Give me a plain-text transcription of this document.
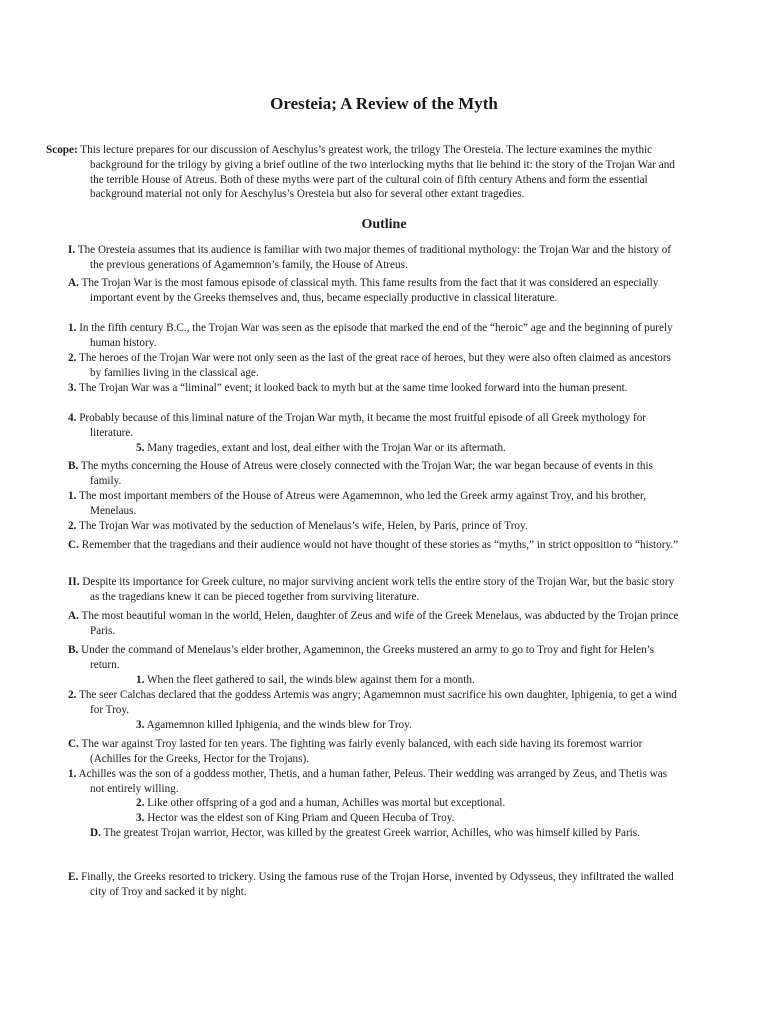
Oresteia; A Review of the Myth
Scope: This lecture prepares for our discussion of Aeschylus’s greatest work, the trilogy The Oresteia. The lecture examines the mythic background for the trilogy by giving a brief outline of the two interlocking myths that lie behind it: the story of the Trojan War and the terrible House of Atreus. Both of these myths were part of the cultural coin of fifth century Athens and form the essential background material not only for Aeschylus’s Oresteia but also for several other extant tragedies.
Outline
I. The Oresteia assumes that its audience is familiar with two major themes of traditional mythology: the Trojan War and the history of the previous generations of Agamemnon’s family, the House of Atreus.
A. The Trojan War is the most famous episode of classical myth. This fame results from the fact that it was considered an especially important event by the Greeks themselves and, thus, became especially productive in classical literature.
1. In the fifth century B.C., the Trojan War was seen as the episode that marked the end of the “heroic” age and the beginning of purely human history.
2. The heroes of the Trojan War were not only seen as the last of the great race of heroes, but they were also often claimed as ancestors by families living in the classical age.
3. The Trojan War was a “liminal” event; it looked back to myth but at the same time looked forward into the human present.
4. Probably because of this liminal nature of the Trojan War myth, it became the most fruitful episode of all Greek mythology for literature.
5. Many tragedies, extant and lost, deal either with the Trojan War or its aftermath.
B. The myths concerning the House of Atreus were closely connected with the Trojan War; the war began because of events in this family.
1. The most important members of the House of Atreus were Agamemnon, who led the Greek army against Troy, and his brother, Menelaus.
2. The Trojan War was motivated by the seduction of Menelaus’s wife, Helen, by Paris, prince of Troy.
C. Remember that the tragedians and their audience would not have thought of these stories as “myths,” in strict opposition to “history.”
II. Despite its importance for Greek culture, no major surviving ancient work tells the entire story of the Trojan War, but the basic story as the tragedians knew it can be pieced together from surviving literature.
A. The most beautiful woman in the world, Helen, daughter of Zeus and wife of the Greek Menelaus, was abducted by the Trojan prince Paris.
B. Under the command of Menelaus’s elder brother, Agamemnon, the Greeks mustered an army to go to Troy and fight for Helen’s return.
1. When the fleet gathered to sail, the winds blew against them for a month.
2. The seer Calchas declared that the goddess Artemis was angry; Agamemnon must sacrifice his own daughter, Iphigenia, to get a wind for Troy.
3. Agamemnon killed Iphigenia, and the winds blew for Troy.
C. The war against Troy lasted for ten years. The fighting was fairly evenly balanced, with each side having its foremost warrior (Achilles for the Greeks, Hector for the Trojans).
1. Achilles was the son of a goddess mother, Thetis, and a human father, Peleus. Their wedding was arranged by Zeus, and Thetis was not entirely willing.
2. Like other offspring of a god and a human, Achilles was mortal but exceptional.
3. Hector was the eldest son of King Priam and Queen Hecuba of Troy.
D. The greatest Trojan warrior, Hector, was killed by the greatest Greek warrior, Achilles, who was himself killed by Paris.
E. Finally, the Greeks resorted to trickery. Using the famous ruse of the Trojan Horse, invented by Odysseus, they infiltrated the walled city of Troy and sacked it by night.
